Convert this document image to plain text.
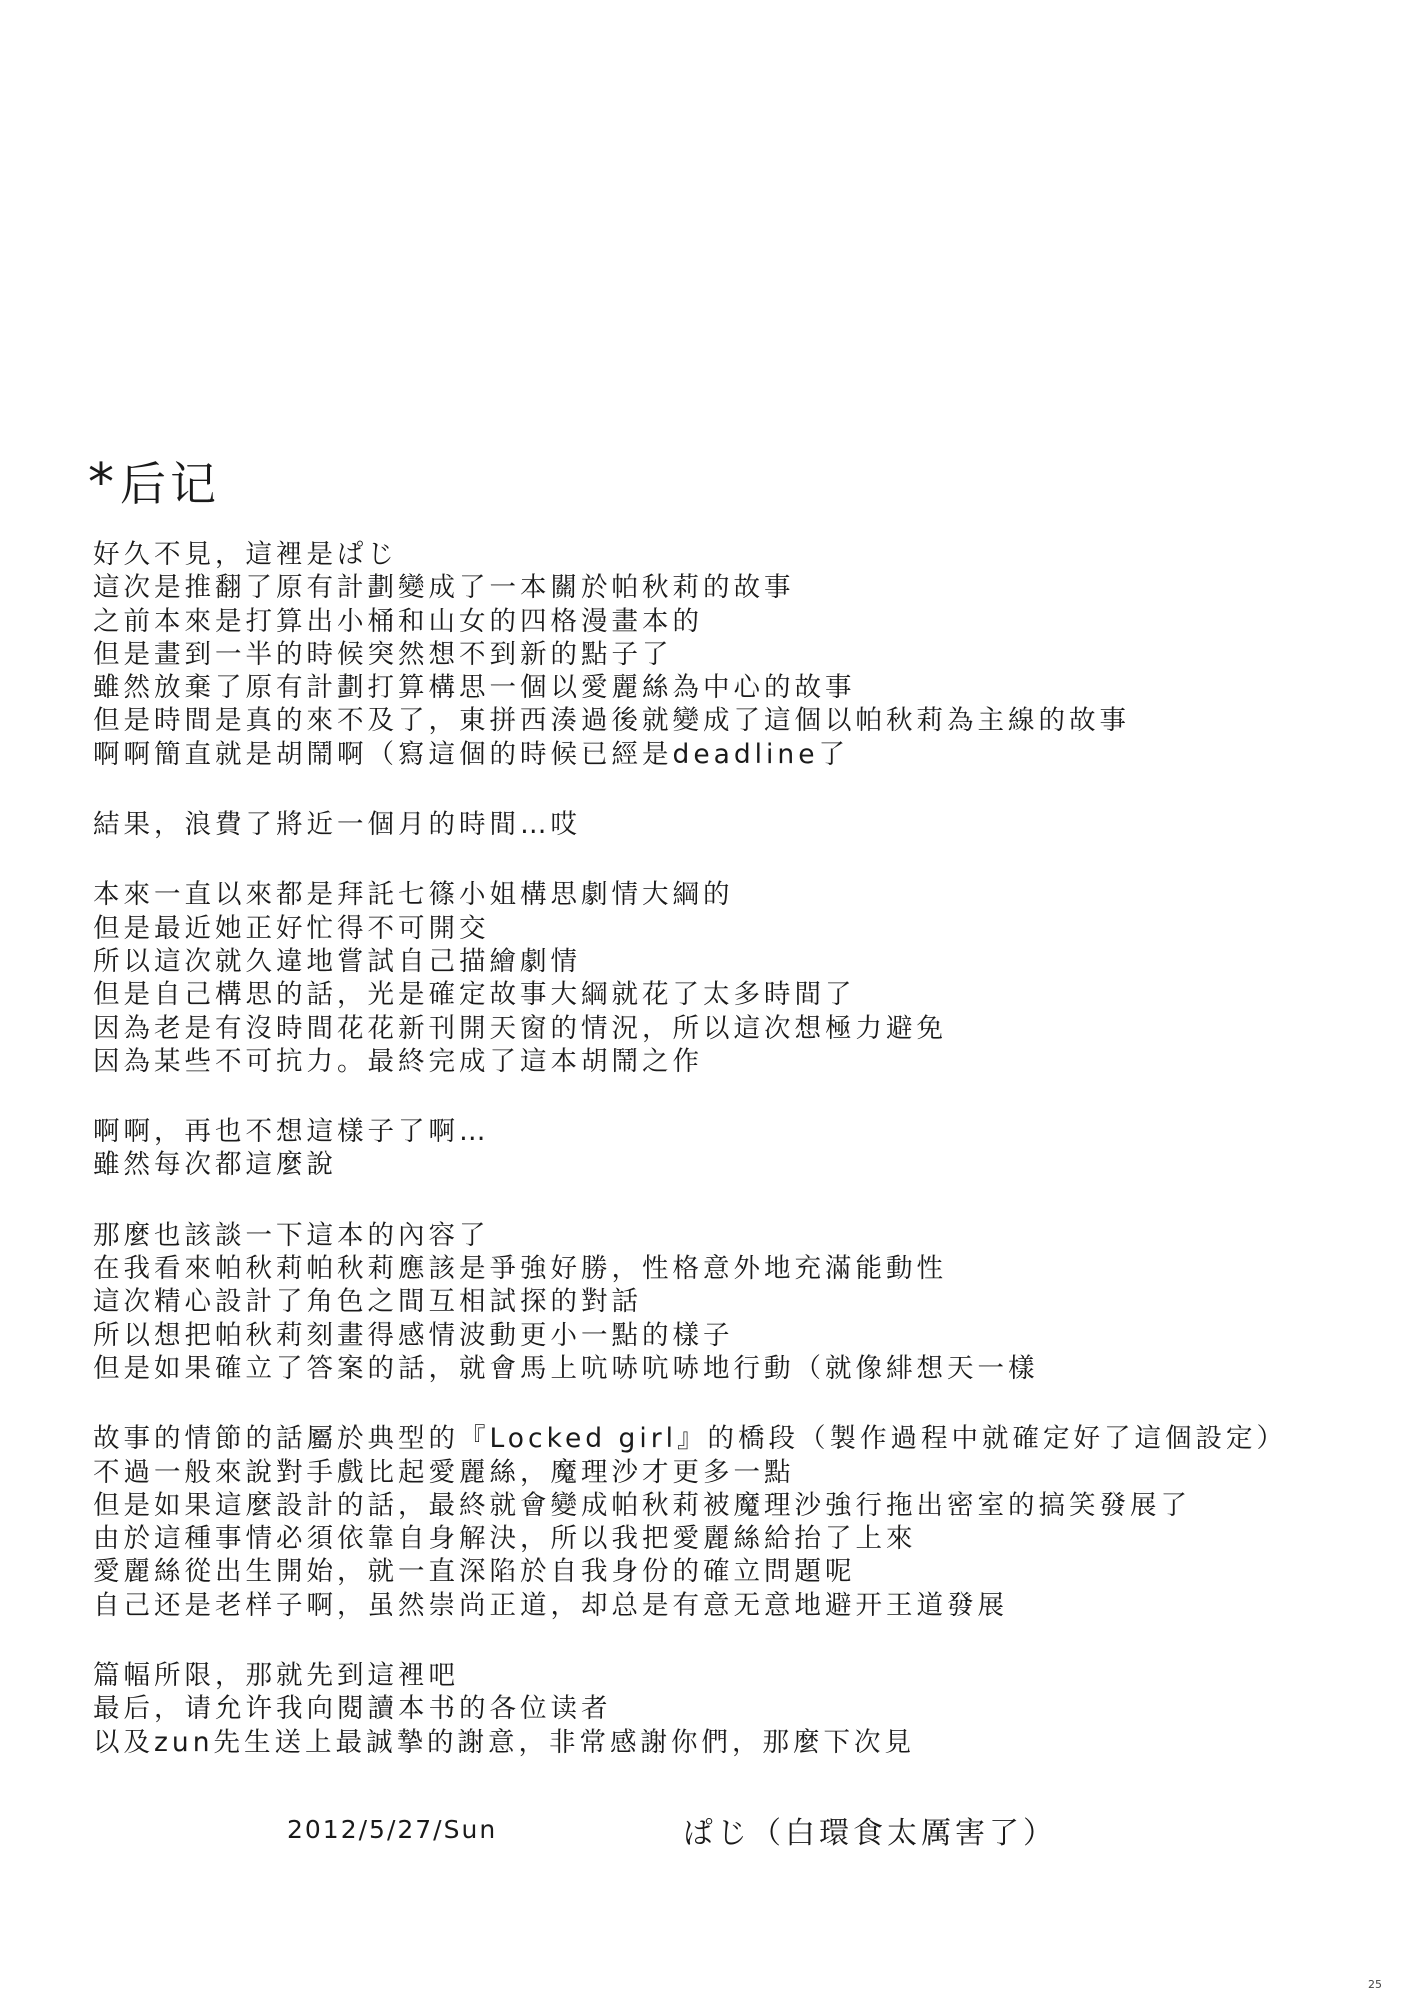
*后记
好久不見，這裡是ぱじ
這次是推翻了原有計劃變成了一本關於帕秋莉的故事
之前本來是打算出小桶和山女的四格漫畫本的
但是畫到一半的時候突然想不到新的點子了
雖然放棄了原有計劃打算構思一個以愛麗絲為中心的故事
但是時間是真的來不及了，東拼西湊過後就變成了這個以帕秋莉為主線的故事
啊啊簡直就是胡鬧啊（寫這個的時候已經是deadline了
結果，浪費了將近一個月的時間…哎
本來一直以來都是拜託七篠小姐構思劇情大綱的
但是最近她正好忙得不可開交
所以這次就久違地嘗試自己描繪劇情
但是自己構思的話，光是確定故事大綱就花了太多時間了
因為老是有沒時間花花新刊開天窗的情況，所以這次想極力避免
因為某些不可抗力。最終完成了這本胡鬧之作
啊啊，再也不想這樣子了啊…
雖然每次都這麼說
那麼也該談一下這本的內容了
在我看來帕秋莉帕秋莉應該是爭強好勝，性格意外地充滿能動性
這次精心設計了角色之間互相試探的對話
所以想把帕秋莉刻畫得感情波動更小一點的樣子
但是如果確立了答案的話，就會馬上吭哧吭哧地行動（就像緋想天一樣
故事的情節的話屬於典型的『Locked girl』的橋段（製作過程中就確定好了這個設定）
不過一般來說對手戲比起愛麗絲，魔理沙才更多一點
但是如果這麼設計的話，最終就會變成帕秋莉被魔理沙強行拖出密室的搞笑發展了
由於這種事情必須依靠自身解決，所以我把愛麗絲給抬了上來
愛麗絲從出生開始，就一直深陷於自我身份的確立問題呢
自己还是老样子啊，虽然崇尚正道，却总是有意无意地避开王道發展
篇幅所限，那就先到這裡吧
最后，请允许我向閱讀本书的各位读者
以及zun先生送上最誠摯的謝意，非常感謝你們，那麼下次見
2012/5/27/Sun	ぱじ（白環食太厲害了）
25
